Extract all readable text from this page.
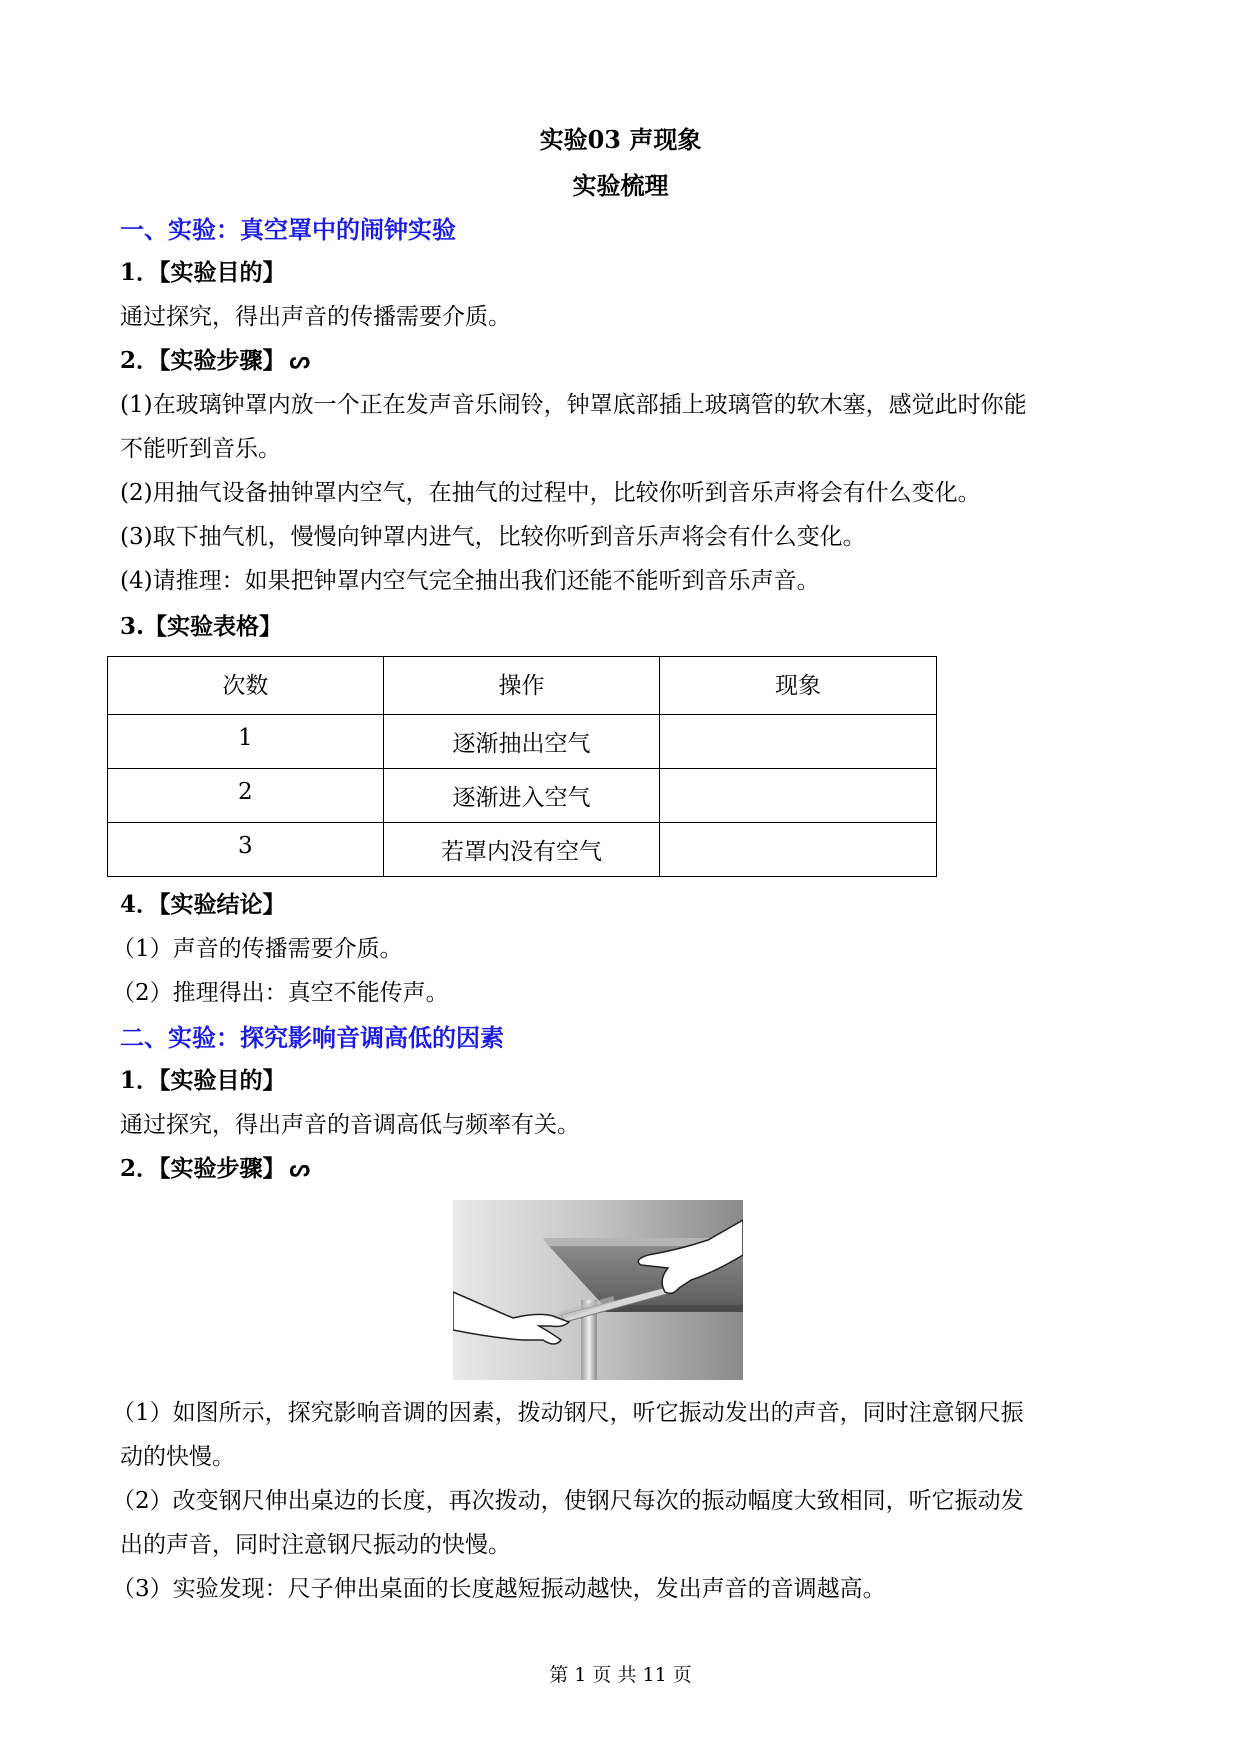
实验03 声现象
实验梳理
一、实验：真空罩中的闹钟实验
1．【实验目的】
通过探究，得出声音的传播需要介质。
2．【实验步骤】 ᔕ
(1)在玻璃钟罩内放一个正在发声音乐闹铃，钟罩底部插上玻璃管的软木塞，感觉此时你能
不能听到音乐。
(2)用抽气设备抽钟罩内空气，在抽气的过程中，比较你听到音乐声将会有什么变化。
(3)取下抽气机，慢慢向钟罩内进气，比较你听到音乐声将会有什么变化。
(4)请推理：如果把钟罩内空气完全抽出我们还能不能听到音乐声音。
3.【实验表格】
次数	操作	现象
1	逐渐抽出空气	
2	逐渐进入空气	
3	若罩内没有空气	
4．【实验结论】
（1）声音的传播需要介质。
（2）推理得出：真空不能传声。
二、实验：探究影响音调高低的因素
1．【实验目的】
通过探究，得出声音的音调高低与频率有关。
2．【实验步骤】 ᔕ
（1）如图所示，探究影响音调的因素，拨动钢尺，听它振动发出的声音，同时注意钢尺振
动的快慢。
（2）改变钢尺伸出桌边的长度，再次拨动，使钢尺每次的振动幅度大致相同，听它振动发
出的声音，同时注意钢尺振动的快慢。
（3）实验发现：尺子伸出桌面的长度越短振动越快，发出声音的音调越高。
第 1 页 共 11 页
